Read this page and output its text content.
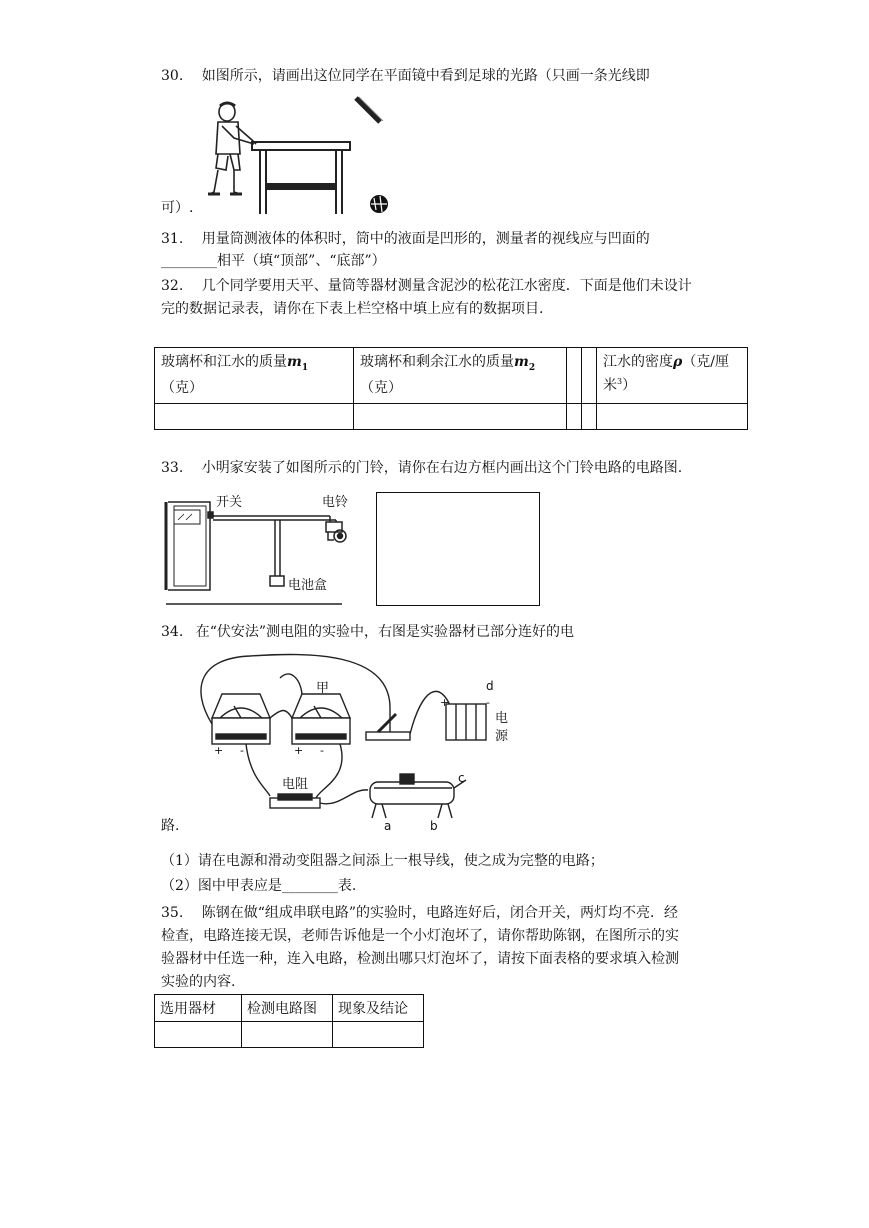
30. 如图所示，请画出这位同学在平面镜中看到足球的光路（只画一条光线即
可）.
31. 用量筒测液体的体积时，筒中的液面是凹形的，测量者的视线应与凹面的
________相平（填“顶部”、“底部”）
32. 几个同学要用天平、量筒等器材测量含泥沙的松花江水密度．下面是他们未设计
完的数据记录表，请你在下表上栏空格中填上应有的数据项目.
玻璃杯和江水的质量$m_1$
（克）	玻璃杯和剩余江水的质量$m_2$
（克）			江水的密度ρ（克/厘
米$^3$）

33. 小明家安装了如图所示的门铃，请你在右边方框内画出这个门铃电路的电路图.
开关	电铃
电池盒
34. 在“伏安法”测电阻的实验中，右图是实验器材已部分连好的电
甲
电阻
电
源
d
c
a	b
+ -	+ -
+	-
路.
（1）请在电源和滑动变阻器之间添上一根导线，使之成为完整的电路；
（2）图中甲表应是________表.
35. 陈钢在做“组成串联电路”的实验时，电路连好后，闭合开关，两灯均不亮．经
检查，电路连接无误，老师告诉他是一个小灯泡坏了，请你帮助陈钢，在图所示的实
验器材中任选一种，连入电路，检测出哪只灯泡坏了，请按下面表格的要求填入检测
实验的内容.
选用器材	检测电路图	现象及结论
